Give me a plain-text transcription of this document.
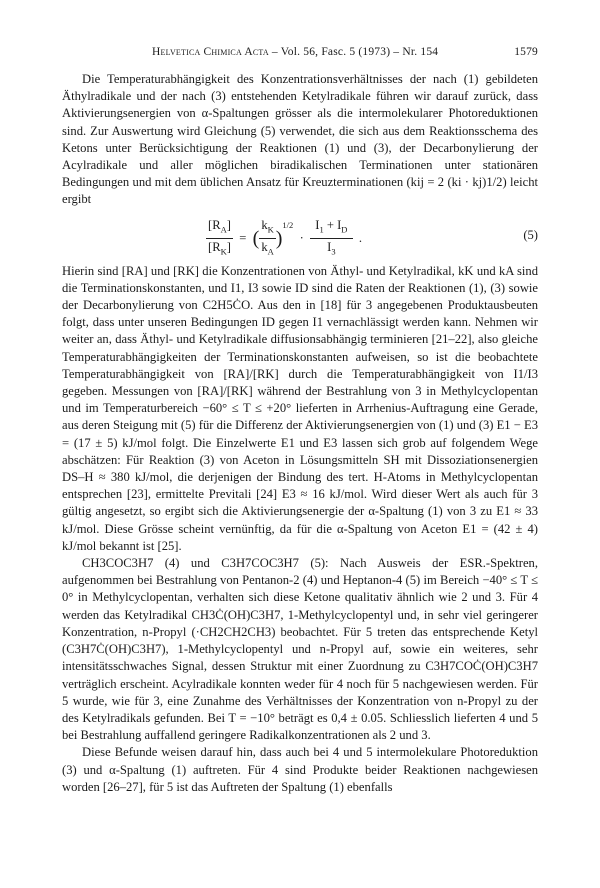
Helvetica Chimica Acta – Vol. 56, Fasc. 5 (1973) – Nr. 154	1579

Die Temperaturabhängigkeit des Konzentrationsverhältnisses der nach (1) gebildeten Äthylradikale und der nach (3) entstehenden Ketylradikale führen wir darauf zurück, dass Aktivierungsenergien von α-Spaltungen grösser als die intermolekularer Photoreduktionen sind. Zur Auswertung wird Gleichung (5) verwendet, die sich aus dem Reaktionsschema des Ketons unter Berücksichtigung der Reaktionen (1) und (3), der Decarbonylierung der Acylradikale und aller möglichen biradikalischen Terminationen unter stationären Bedingungen und mit dem üblichen Ansatz für Kreuzterminationen (kij = 2 (ki · kj)1/2) leicht ergibt

$\frac{[R_A]}{[R_K]}$ =  ( $\frac{k_K}{k_A} )^{1/2} \cdot \frac{I_1 + I_D}{I_3}$ .	(5)

Hierin sind [RA] und [RK] die Konzentrationen von Äthyl- und Ketylradikal, kK und kA sind die Terminationskonstanten, und I1, I3 sowie ID sind die Raten der Reaktionen (1), (3) sowie der Decarbonylierung von C2H5ĊO. Aus den in [18] für 3 angegebenen Produktausbeuten folgt, dass unter unseren Bedingungen ID gegen I1 vernachlässigt werden kann. Nehmen wir weiter an, dass Äthyl- und Ketylradikale diffusionsabhängig terminieren [21–22], also gleiche Temperaturabhängigkeiten der Terminationskonstanten aufweisen, so ist die beobachtete Temperaturabhängigkeit von [RA]/[RK] durch die Temperaturabhängigkeit von I1/I3 gegeben. Messungen von [RA]/[RK] während der Bestrahlung von 3 in Methylcyclopentan und im Temperaturbereich −60° ≤ T ≤ +20° lieferten in Arrhenius-Auftragung eine Gerade, aus deren Steigung mit (5) für die Differenz der Aktivierungsenergien von (1) und (3) E1 − E3 = (17 ± 5) kJ/mol folgt. Die Einzelwerte E1 und E3 lassen sich grob auf folgendem Wege abschätzen: Für Reaktion (3) von Aceton in Lösungsmitteln SH mit Dissoziationsenergien DS–H ≈ 380 kJ/mol, die derjenigen der Bindung des tert. H-Atoms in Methylcyclopentan entsprechen [23], ermittelte Previtali [24] E3 ≈ 16 kJ/mol. Wird dieser Wert als auch für 3 gültig angesetzt, so ergibt sich die Aktivierungsenergie der α-Spaltung (1) von 3 zu E1 ≈ 33 kJ/mol. Diese Grösse scheint vernünftig, da für die α-Spaltung von Aceton E1 = (42 ± 4) kJ/mol bekannt ist [25].

CH3COC3H7 (4) und C3H7COC3H7 (5): Nach Ausweis der ESR.-Spektren, aufgenommen bei Bestrahlung von Pentanon-2 (4) und Heptanon-4 (5) im Bereich −40° ≤ T ≤ 0° in Methylcyclopentan, verhalten sich diese Ketone qualitativ ähnlich wie 2 und 3. Für 4 werden das Ketylradikal CH3Ċ(OH)C3H7, 1-Methylcyclopentyl und, in sehr viel geringerer Konzentration, n-Propyl (·CH2CH2CH3) beobachtet. Für 5 treten das entsprechende Ketyl (C3H7Ċ(OH)C3H7), 1-Methylcyclopentyl und n-Propyl auf, sowie ein weiteres, sehr intensitätsschwaches Signal, dessen Struktur mit einer Zuordnung zu C3H7COĊ(OH)C3H7 verträglich erscheint. Acylradikale konnten weder für 4 noch für 5 nachgewiesen werden. Für 5 wurde, wie für 3, eine Zunahme des Verhältnisses der Konzentration von n-Propyl zu der des Ketylradikals gefunden. Bei T = −10° beträgt es 0,4 ± 0.05. Schliesslich lieferten 4 und 5 bei Bestrahlung auffallend geringere Radikalkonzentrationen als 2 und 3.

Diese Befunde weisen darauf hin, dass auch bei 4 und 5 intermolekulare Photoreduktion (3) und α-Spaltung (1) auftreten. Für 4 sind Produkte beider Reaktionen nachgewiesen worden [26–27], für 5 ist das Auftreten der Spaltung (1) ebenfalls
